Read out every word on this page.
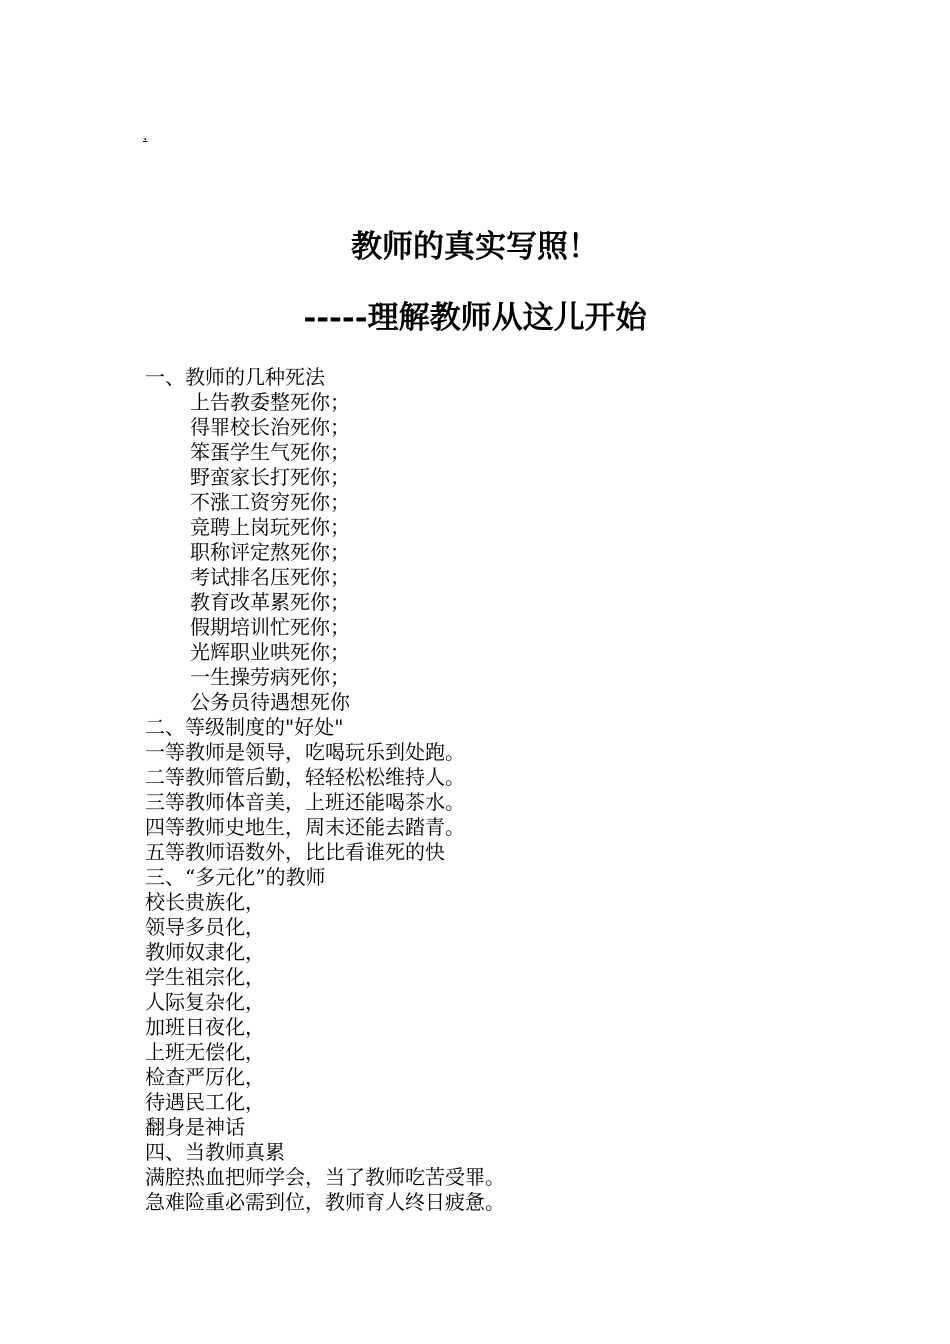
.
教师的真实写照！
-----理解教师从这儿开始
一、教师的几种死法
上告教委整死你；
得罪校长治死你；
笨蛋学生气死你；
野蛮家长打死你；
不涨工资穷死你；
竞聘上岗玩死你；
职称评定熬死你；
考试排名压死你；
教育改革累死你；
假期培训忙死你；
光辉职业哄死你；
一生操劳病死你；
公务员待遇想死你
二、等级制度的"好处"
一等教师是领导，吃喝玩乐到处跑。
二等教师管后勤，轻轻松松维持人。
三等教师体音美，上班还能喝茶水。
四等教师史地生，周末还能去踏青。
五等教师语数外，比比看谁死的快
三、“多元化”的教师
校长贵族化，
领导多员化，
教师奴隶化，
学生祖宗化，
人际复杂化，
加班日夜化，
上班无偿化，
检查严厉化，
待遇民工化，
翻身是神话
四、当教师真累
满腔热血把师学会，当了教师吃苦受罪。
急难险重必需到位，教师育人终日疲惫。
